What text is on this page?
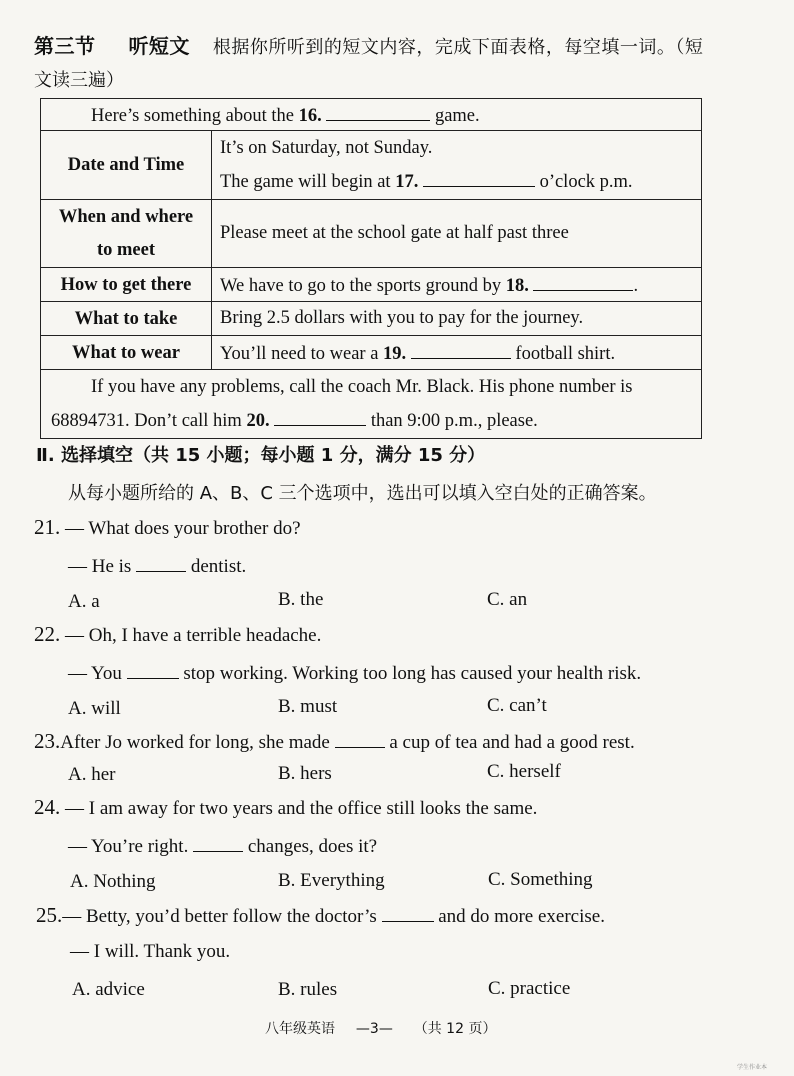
第三节 听短文 根据你所听到的短文内容，完成下面表格，每空填一词。（短
文读三遍）
Here’s something about the 16. game.	
Date and Time	It’s on Saturday, not Sunday.
The game will begin at 17. o’clock p.m.

When and where
to meet	Please meet at the school gate at half past three
How to get there	We have to go to the sports ground by 18. .
What to take	Bring 2.5 dollars with you to pay for the journey.
What to wear	You’ll need to wear a 19. football shirt.

If you have any problems, call the coach Mr. Black. His phone number is
68894731. Don’t call him 20. than 9:00 p.m., please.	
Ⅱ. 选择填空（共 15 小题；每小题 1 分，满分 15 分）
从每小题所给的 A、B、C 三个选项中，选出可以填入空白处的正确答案。
21. — What does your brother do?
— He is	dentist.
A. a	B. the	C. an
22. — Oh, I have a terrible headache.
— You	stop working. Working too long has caused your health risk.
A. will	B. must	C. can’t
23.After Jo worked for long, she made	a cup of tea and had a good rest.
A. her	B. hers	C. herself
24. — I am away for two years and the office still looks the same.
— You’re right.	changes, does it?
A. Nothing	B. Everything	C. Something
25.— Betty, you’d better follow the doctor’s	and do more exercise.
— I will. Thank you.
A. advice	B. rules	C. practice
八年级英语 —3— （共 12 页）
学生作业本
